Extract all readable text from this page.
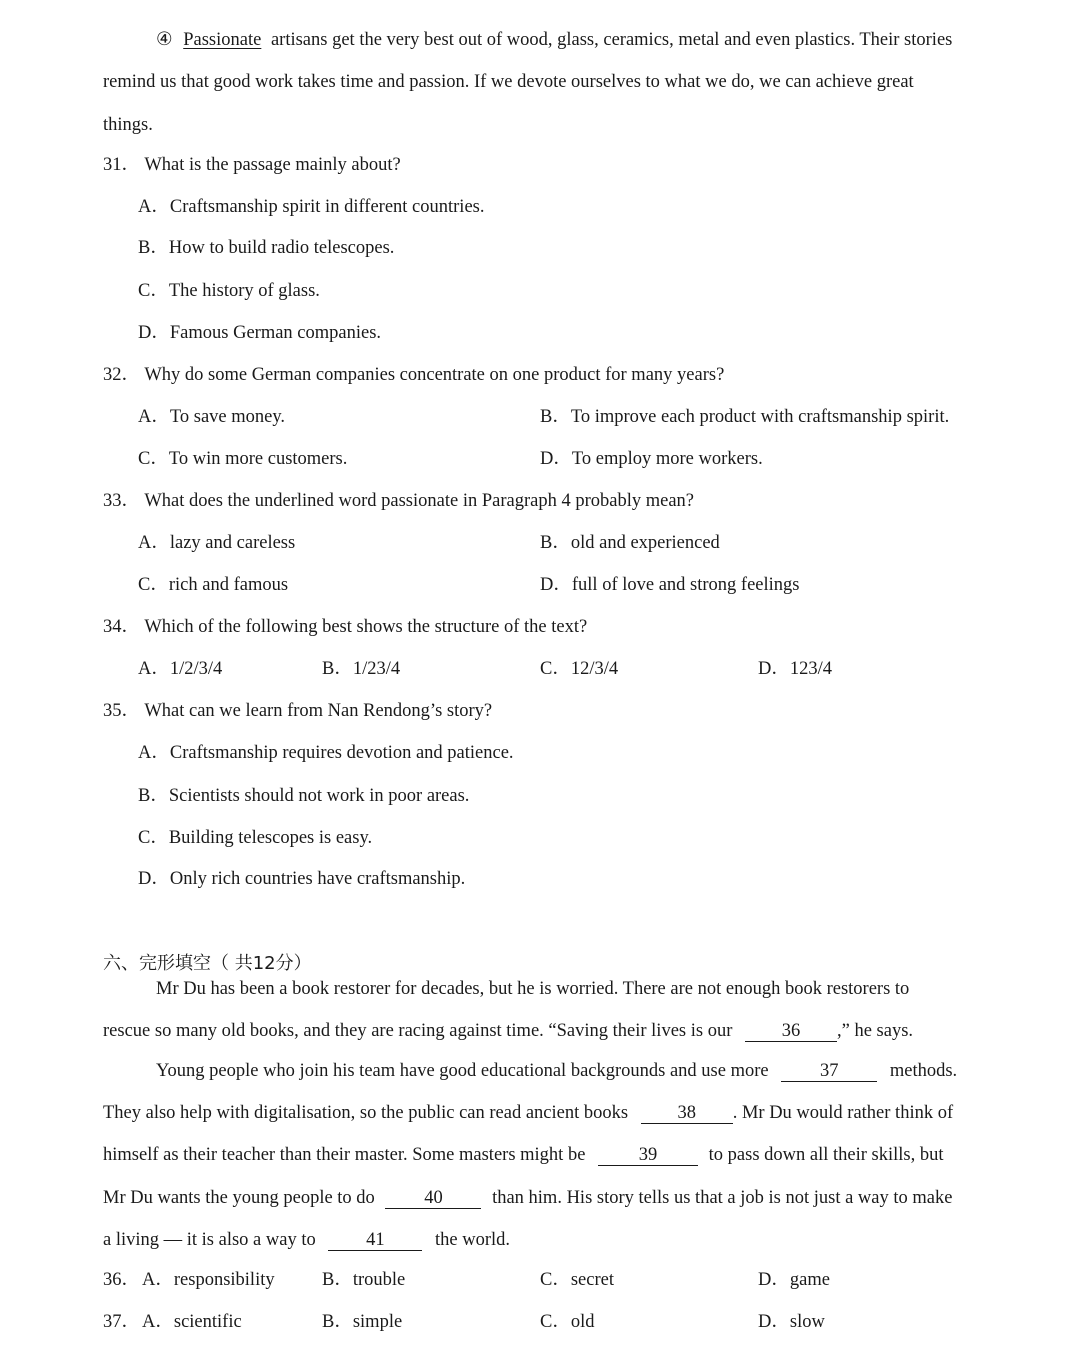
④ Passionate artisans get the very best out of wood, glass, ceramics, metal and even plastics. Their stories
remind us that good work takes time and passion. If we devote ourselves to what we do, we can achieve great
things.
31． What is the passage mainly about?
A．Craftsmanship spirit in different countries.
B．How to build radio telescopes.
C．The history of glass.
D．Famous German companies.
32． Why do some German companies concentrate on one product for many years?
A．To save money.	B．To improve each product with craftsmanship spirit.
C．To win more customers.	D．To employ more workers.
33． What does the underlined word passionate in Paragraph 4 probably mean?
A．lazy and careless	B．old and experienced
C．rich and famous	D．full of love and strong feelings
34． Which of the following best shows the structure of the text?
A．1/2/3/4	B．1/23/4	C．12/3/4	D．123/4
35． What can we learn from Nan Rendong’s story?
A．Craftsmanship requires devotion and patience.
B．Scientists should not work in poor areas.
C．Building telescopes is easy.
D．Only rich countries have craftsmanship.
六、完形填空（ 共12分）
Mr Du has been a book restorer for decades, but he is worried. There are not enough book restorers to
rescue so many old books, and they are racing against time. “Saving their lives is our	36 ,” he says.
Young people who join his team have good educational backgrounds and use more	37	methods.
They also help with digitalisation, so the public can read ancient books	38 . Mr Du would rather think of
himself as their teacher than their master. Some masters might be	39	to pass down all their skills, but
Mr Du wants the young people to do	40	than him. His story tells us that a job is not just a way to make
a living — it is also a way to	41	the world.
36． A．responsibility	B．trouble	C．secret	D．game
37． A．scientific	B．simple	C．old	D．slow
